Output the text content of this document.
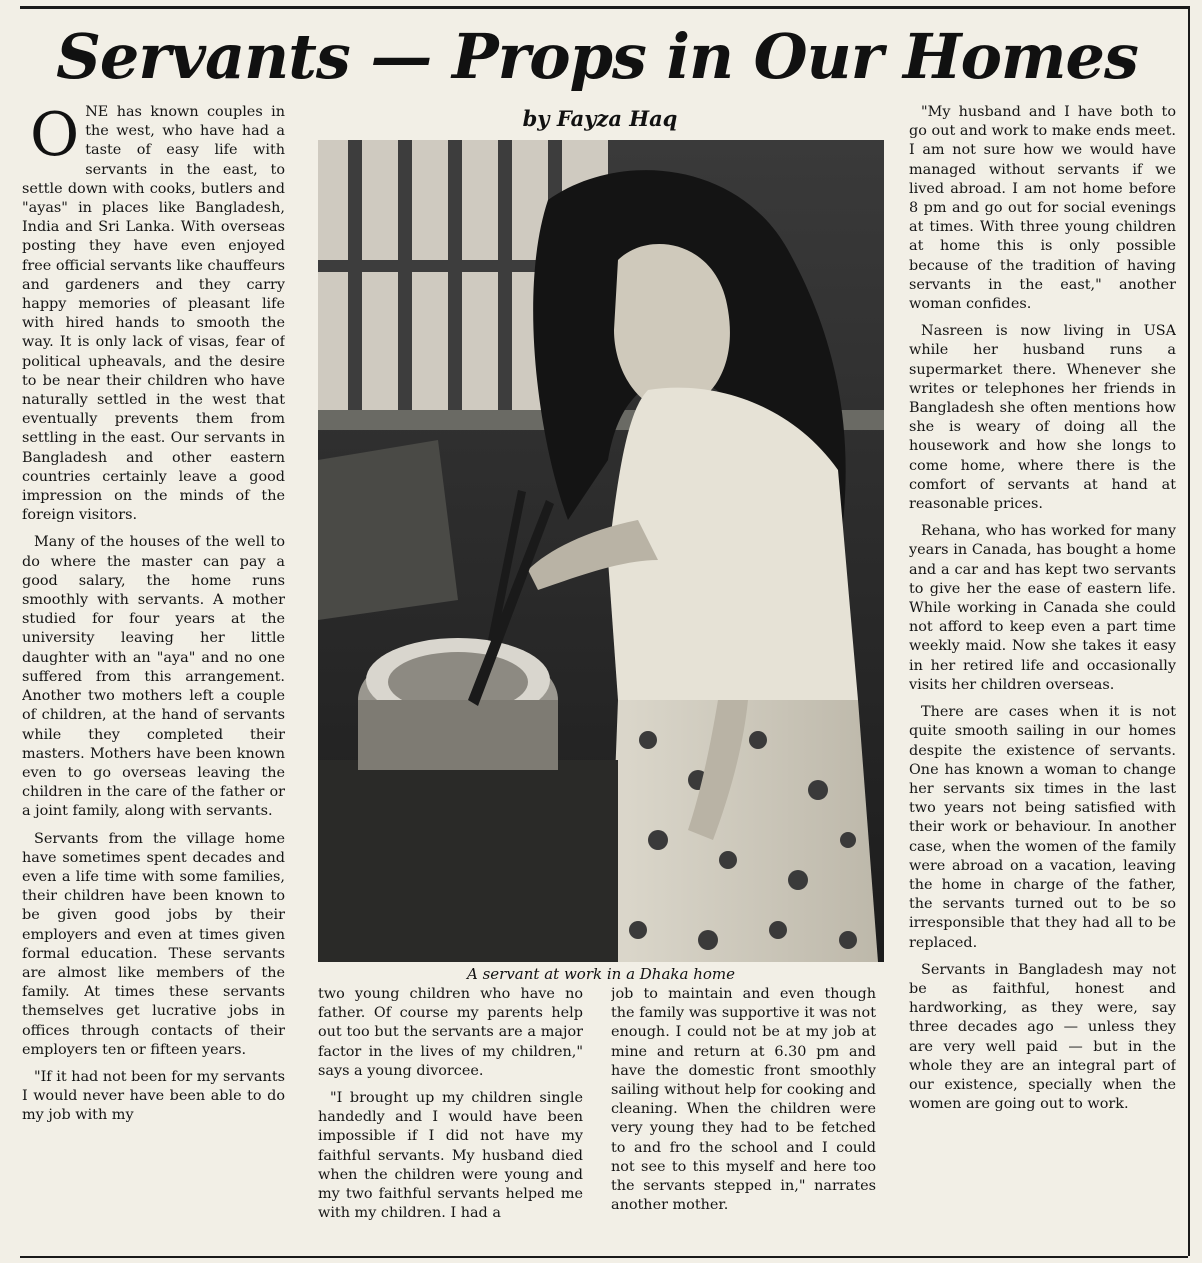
Servants — Props in Our Homes
by Fayza Haq

ONE has known couples in the west, who have had a taste of easy life with servants in the east, to settle down with cooks, butlers and "ayas" in places like Bangladesh, India and Sri Lanka. With overseas posting they have even enjoyed free official servants like chauffeurs and gardeners and they carry happy memories of pleasant life with hired hands to smooth the way. It is only lack of visas, fear of political upheavals, and the desire to be near their children who have naturally settled in the west that eventually prevents them from settling in the east. Our servants in Bangladesh and other eastern countries certainly leave a good impression on the minds of the foreign visitors.

Many of the houses of the well to do where the master can pay a good salary, the home runs smoothly with servants. A mother studied for four years at the university leaving her little daughter with an "aya" and no one suffered from this arrangement. Another two mothers left a couple of children, at the hand of servants while they completed their masters. Mothers have been known even to go overseas leaving the children in the care of the father or a joint family, along with servants.

Servants from the village home have sometimes spent decades and even a life time with some families, their children have been known to be given good jobs by their employers and even at times given formal education. These servants are almost like members of the family. At times these servants themselves get lucrative jobs in offices through contacts of their employers ten or fifteen years.

"If it had not been for my servants I would never have been able to do my job with my

A servant at work in a Dhaka home

two young children who have no father. Of course my parents help out too but the servants are a major factor in the lives of my children," says a young divorcee.

"I brought up my children single handedly and I would have been impossible if I did not have my faithful servants. My husband died when the children were young and my two faithful servants helped me with my children. I had a

job to maintain and even though the family was supportive it was not enough. I could not be at my job at mine and return at 6.30 pm and have the domestic front smoothly sailing without help for cooking and cleaning. When the children were very young they had to be fetched to and fro the school and I could not see to this myself and here too the servants stepped in," narrates another mother.

"My husband and I have both to go out and work to make ends meet. I am not sure how we would have managed without servants if we lived abroad. I am not home before 8 pm and go out for social evenings at times. With three young children at home this is only possible because of the tradition of having servants in the east," another woman confides.

Nasreen is now living in USA while her husband runs a supermarket there. Whenever she writes or telephones her friends in Bangladesh she often mentions how she is weary of doing all the housework and how she longs to come home, where there is the comfort of servants at hand at reasonable prices.

Rehana, who has worked for many years in Canada, has bought a home and a car and has kept two servants to give her the ease of eastern life. While working in Canada she could not afford to keep even a part time weekly maid. Now she takes it easy in her retired life and occasionally visits her children overseas.

There are cases when it is not quite smooth sailing in our homes despite the existence of servants. One has known a woman to change her servants six times in the last two years not being satisfied with their work or behaviour. In another case, when the women of the family were abroad on a vacation, leaving the home in charge of the father, the servants turned out to be so irresponsible that they had all to be replaced.

Servants in Bangladesh may not be as faithful, honest and hardworking, as they were, say three decades ago — unless they are very well paid — but in the whole they are an integral part of our existence, specially when the women are going out to work.
